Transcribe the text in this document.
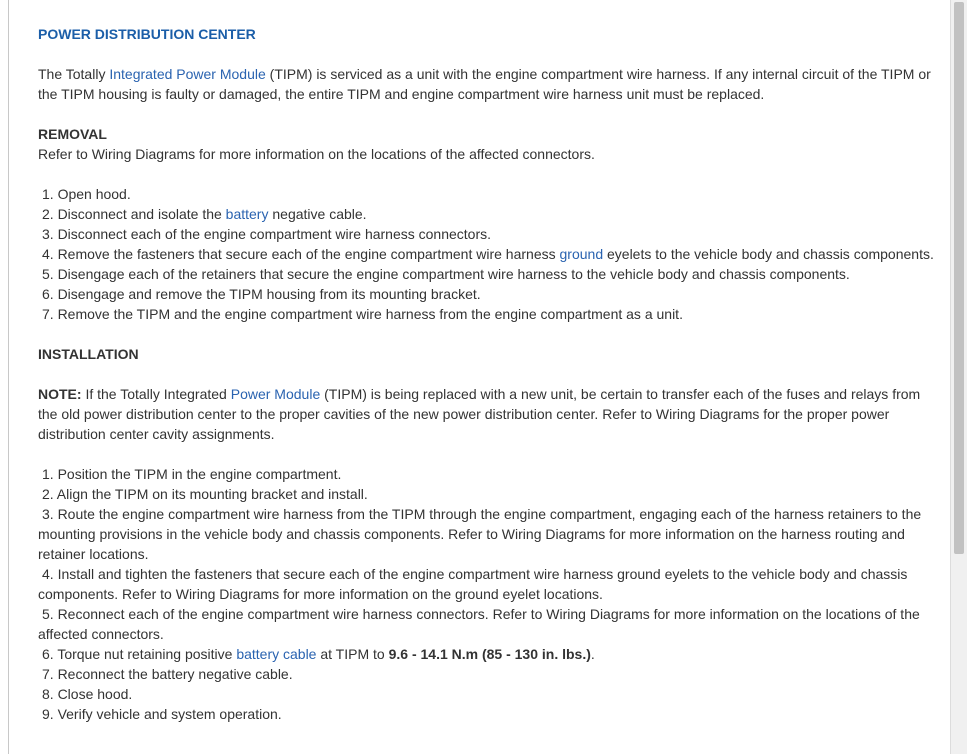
POWER DISTRIBUTION CENTER

The Totally Integrated Power Module (TIPM) is serviced as a unit with the engine compartment wire harness. If any internal circuit of the TIPM or the TIPM housing is faulty or damaged, the entire TIPM and engine compartment wire harness unit must be replaced.

REMOVAL

Refer to Wiring Diagrams for more information on the locations of the affected connectors.

1. Open hood.
2. Disconnect and isolate the battery negative cable.
3. Disconnect each of the engine compartment wire harness connectors.
4. Remove the fasteners that secure each of the engine compartment wire harness ground eyelets to the vehicle body and chassis components.
5. Disengage each of the retainers that secure the engine compartment wire harness to the vehicle body and chassis components.
6. Disengage and remove the TIPM housing from its mounting bracket.
7. Remove the TIPM and the engine compartment wire harness from the engine compartment as a unit.
INSTALLATION

NOTE: If the Totally Integrated Power Module (TIPM) is being replaced with a new unit, be certain to transfer each of the fuses and relays from the old power distribution center to the proper cavities of the new power distribution center. Refer to Wiring Diagrams for the proper power distribution center cavity assignments.

1. Position the TIPM in the engine compartment.
2. Align the TIPM on its mounting bracket and install.
3. Route the engine compartment wire harness from the TIPM through the engine compartment, engaging each of the harness retainers to the mounting provisions in the vehicle body and chassis components. Refer to Wiring Diagrams for more information on the harness routing and retainer locations.
4. Install and tighten the fasteners that secure each of the engine compartment wire harness ground eyelets to the vehicle body and chassis components. Refer to Wiring Diagrams for more information on the ground eyelet locations.
5. Reconnect each of the engine compartment wire harness connectors. Refer to Wiring Diagrams for more information on the locations of the affected connectors.
6. Torque nut retaining positive battery cable at TIPM to 9.6 - 14.1 N.m (85 - 130 in. lbs.).
7. Reconnect the battery negative cable.
8. Close hood.
9. Verify vehicle and system operation.
